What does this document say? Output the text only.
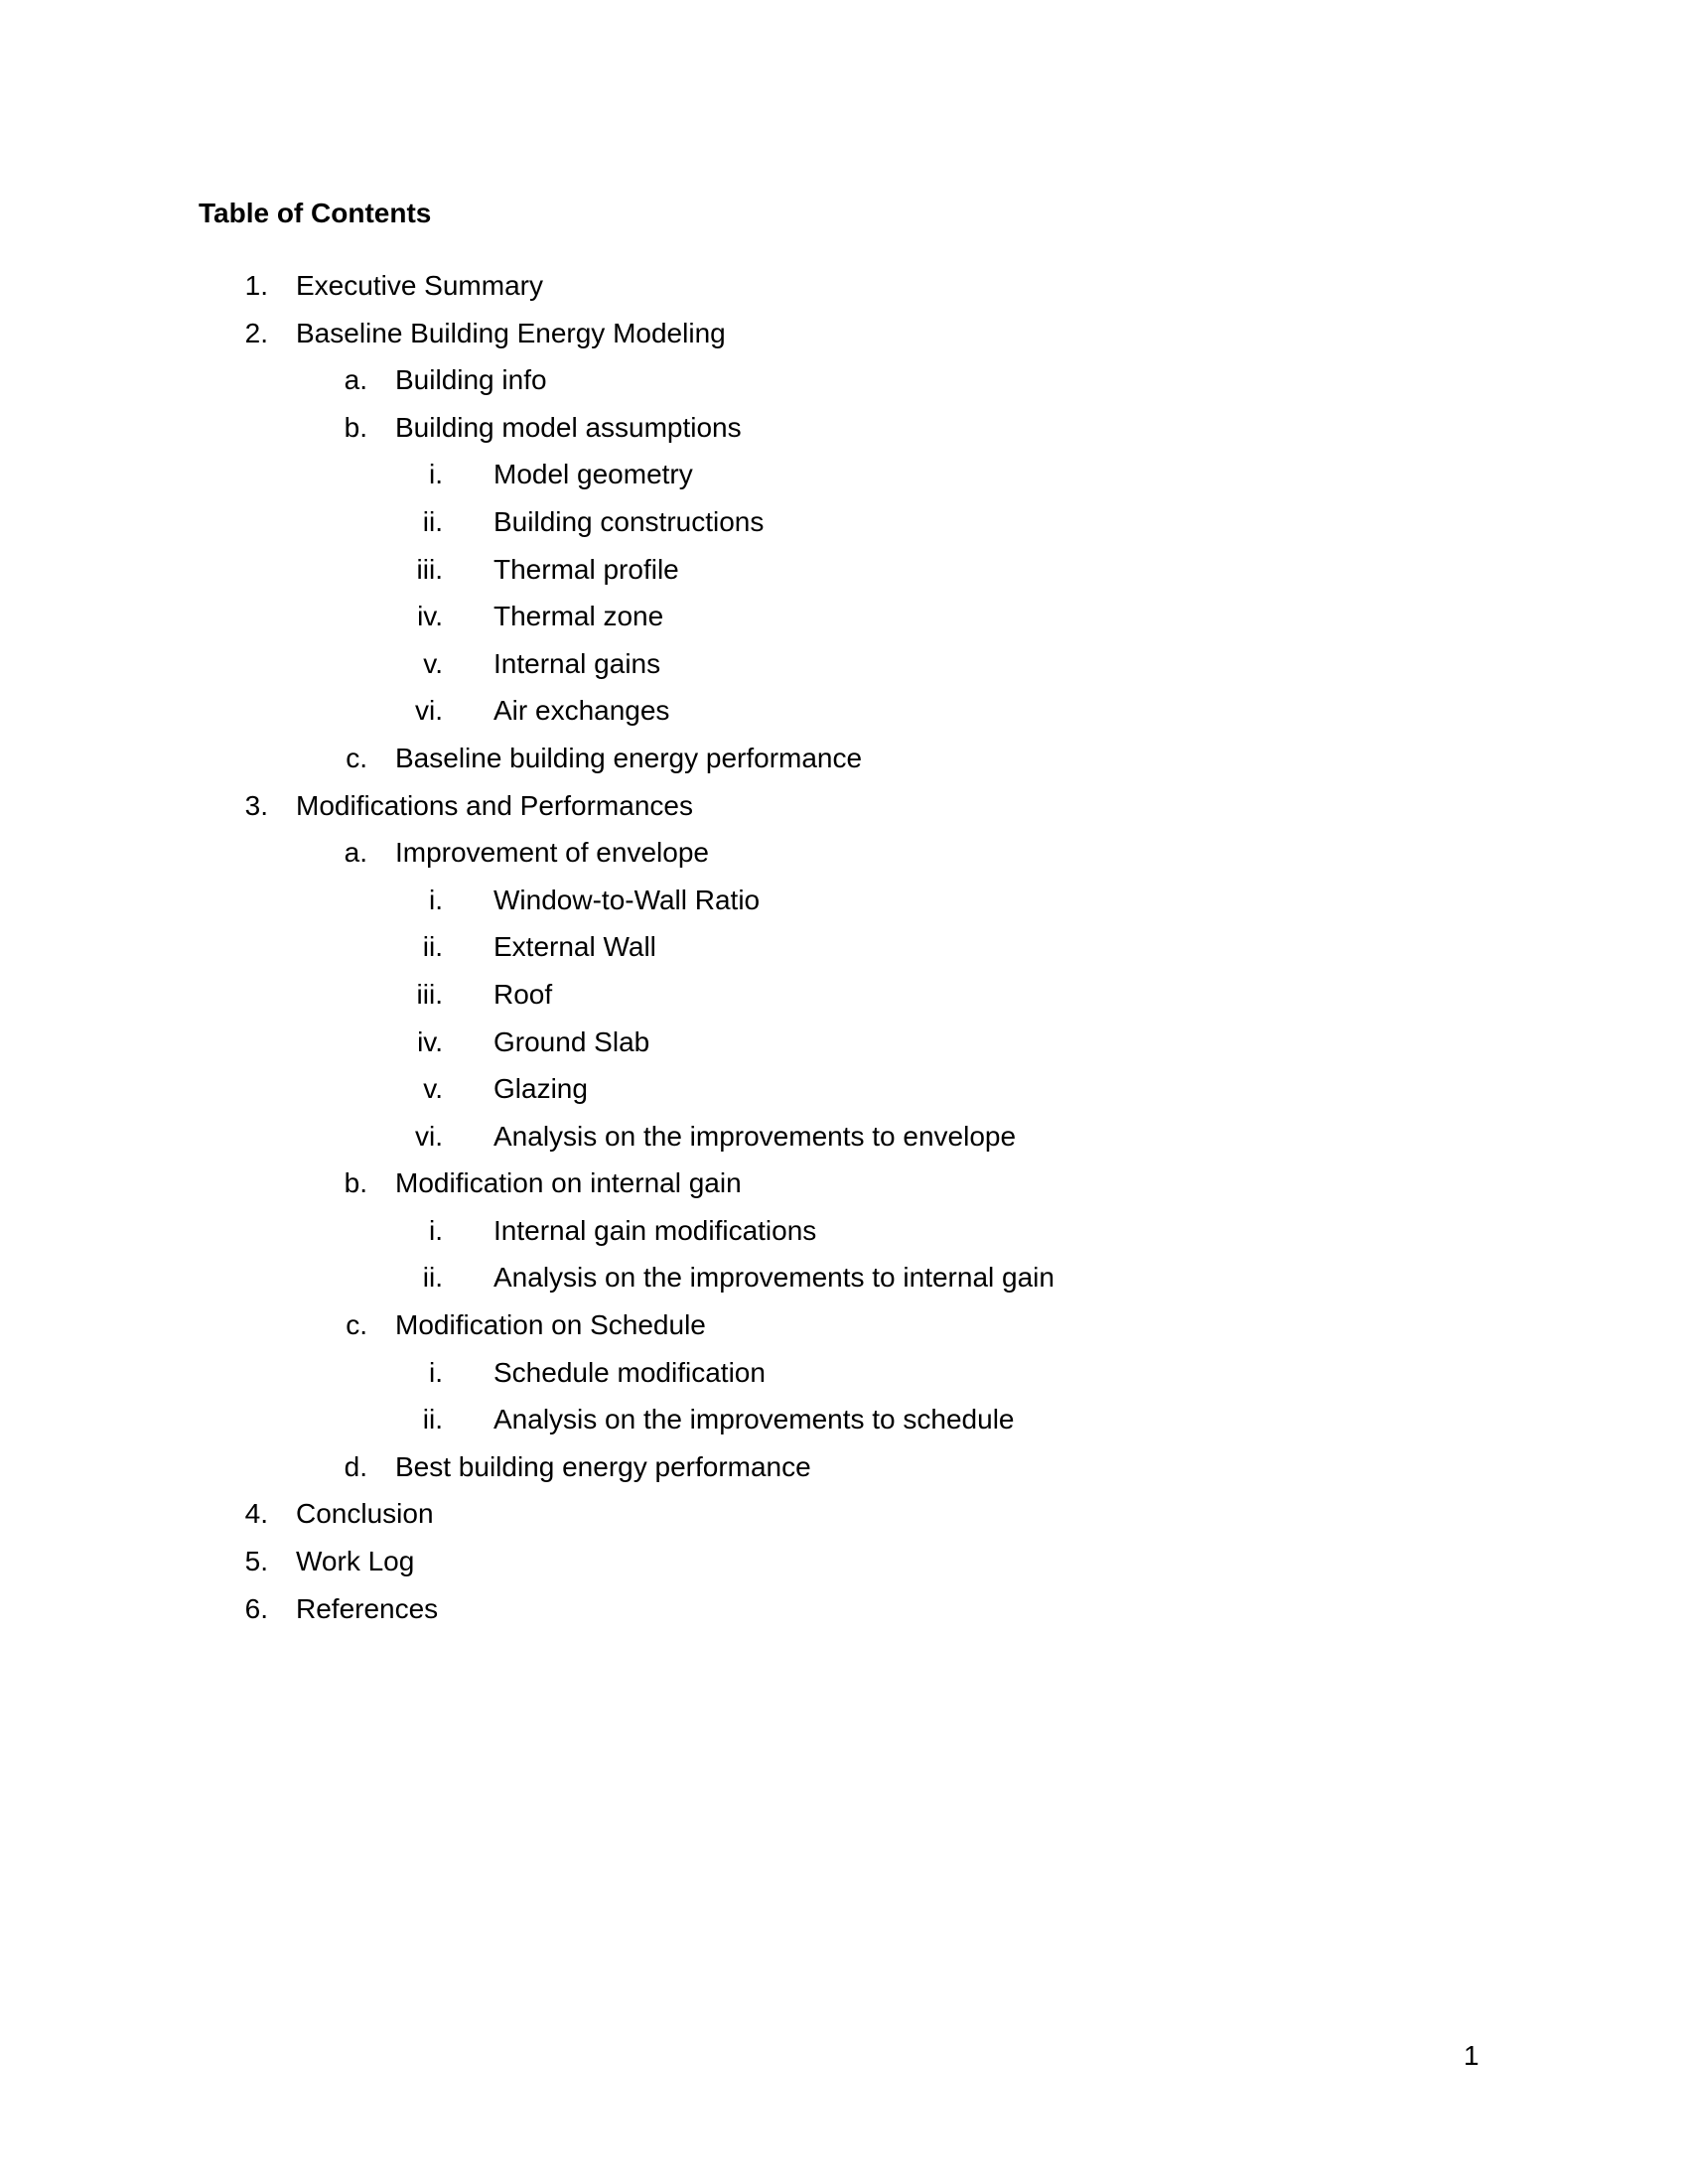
Table of Contents
1. Executive Summary
2. Baseline Building Energy Modeling
a. Building info
b. Building model assumptions
i. Model geometry
ii. Building constructions
iii. Thermal profile
iv. Thermal zone
v. Internal gains
vi. Air exchanges
c. Baseline building energy performance
3. Modifications and Performances
a. Improvement of envelope
i. Window-to-Wall Ratio
ii. External Wall
iii. Roof
iv. Ground Slab
v. Glazing
vi. Analysis on the improvements to envelope
b. Modification on internal gain
i. Internal gain modifications
ii. Analysis on the improvements to internal gain
c. Modification on Schedule
i. Schedule modification
ii. Analysis on the improvements to schedule
d. Best building energy performance
4. Conclusion
5. Work Log
6. References
1
